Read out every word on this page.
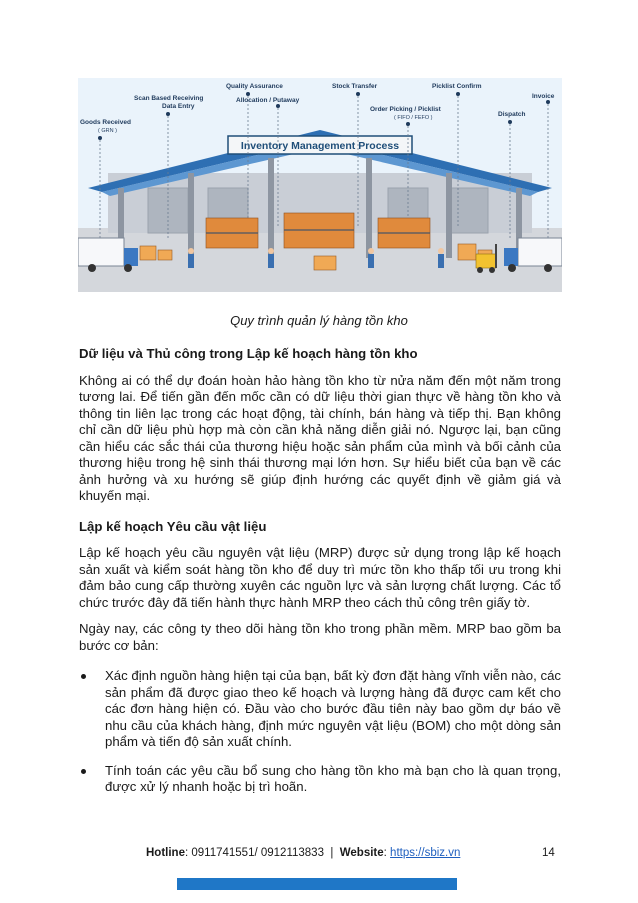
Inventory Management Process
Quality Assurance	Stock Transfer	Picklist Confirm
Scan Based Receiving
Data Entry
Allocation / Putaway
Order Picking / Picklist
( FIFO / FEFO )
Invoice
Dispatch
Goods Received
( GRN )
Quy trình quản lý hàng tồn kho
Dữ liệu và Thủ công trong Lập kế hoạch hàng tồn kho

Không ai có thể dự đoán hoàn hảo hàng tồn kho từ nửa năm đến một năm trong tương lai. Để tiến gần đến mốc cần có dữ liệu thời gian thực về hàng tồn kho và thông tin liên lạc trong các hoạt động, tài chính, bán hàng và tiếp thị. Bạn không chỉ cần dữ liệu phù hợp mà còn cần khả năng diễn giải nó. Ngược lại, bạn cũng cần hiểu các sắc thái của thương hiệu hoặc sản phẩm của mình và bối cảnh của thương hiệu trong hệ sinh thái thương mại lớn hơn. Sự hiểu biết của bạn về các ảnh hưởng và xu hướng sẽ giúp định hướng các quyết định về giảm giá và khuyến mại.

Lập kế hoạch Yêu cầu vật liệu

Lập kế hoạch yêu cầu nguyên vật liệu (MRP) được sử dụng trong lập kế hoạch sản xuất và kiểm soát hàng tồn kho để duy trì mức tồn kho thấp tối ưu trong khi đảm bảo cung cấp thường xuyên các nguồn lực và sản lượng chất lượng. Các tổ chức trước đây đã tiến hành thực hành MRP theo cách thủ công trên giấy tờ.

Ngày nay, các công ty theo dõi hàng tồn kho trong phần mềm. MRP bao gồm ba bước cơ bản:

Xác định nguồn hàng hiện tại của bạn, bất kỳ đơn đặt hàng vĩnh viễn nào, các sản phẩm đã được giao theo kế hoạch và lượng hàng đã được cam kết cho các đơn hàng hiện có. Đầu vào cho bước đầu tiên này bao gồm dự báo về nhu cầu của khách hàng, định mức nguyên vật liệu (BOM) cho một dòng sản phẩm và tiến độ sản xuất chính.
Tính toán các yêu cầu bổ sung cho hàng tồn kho mà bạn cho là quan trọng, được xử lý nhanh hoặc bị trì hoãn.
Hotline: 0911741551/ 0912113833 | Website: https://sbiz.vn	14
